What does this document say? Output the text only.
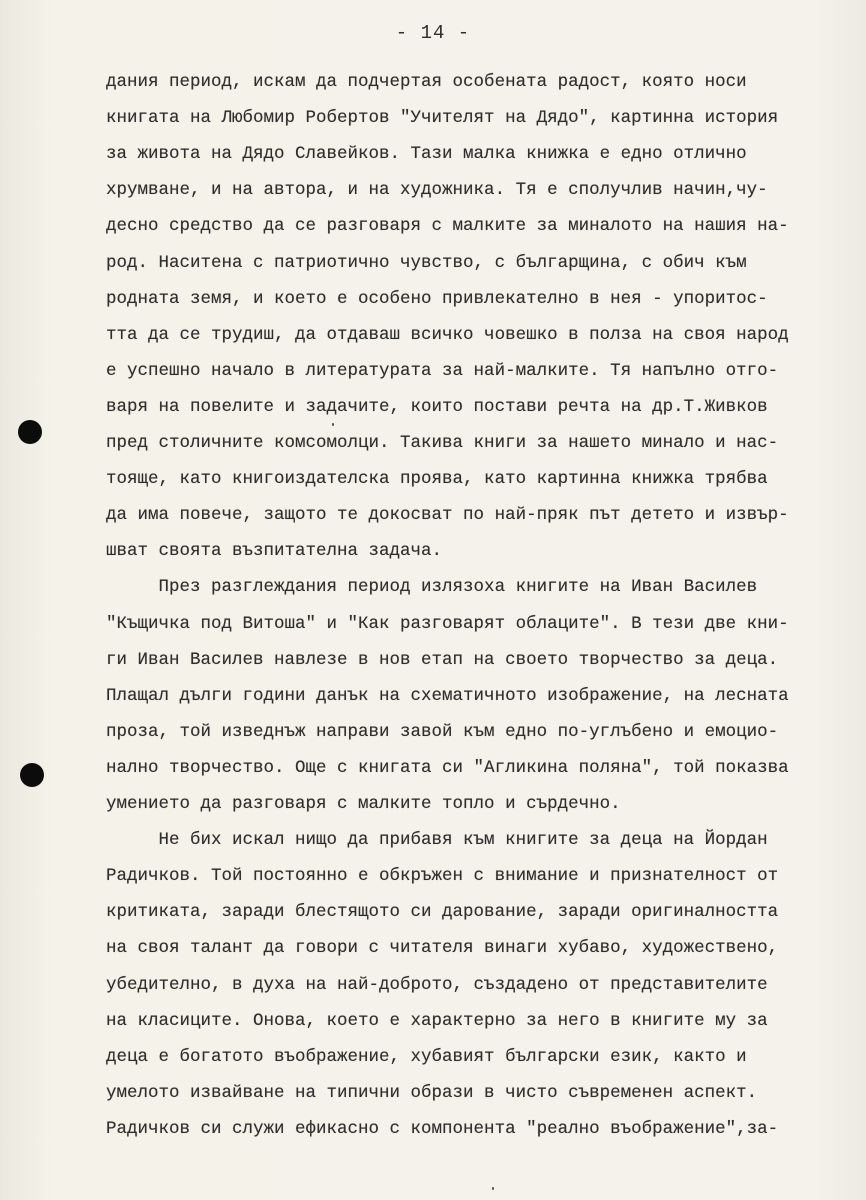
- 14 -
дания период, искам да подчертая особената радост, която носи
книгата на Любомир Робертов "Учителят на Дядо", картинна история
за живота на Дядо Славейков. Тази малка книжка е едно отлично
хрумване, и на автора, и на художника. Тя е сполучлив начин,чу-
десно средство да се разговаря с малките за миналото на нашия на-
род. Наситена с патриотично чувство, с българщина, с обич към
родната земя, и което е особено привлекателно в нея - упоритос-
тта да се трудиш, да отдаваш всичко човешко в полза на своя народ
е успешно начало в литературата за най-малките. Тя напълно отго-
варя на повелите и задачите, които постави речта на др.Т.Живков
пред столичните комсомолци. Такива книги за нашето минало и нас-
тояще, като книгоиздателска проява, като картинна книжка трябва
да има повече, защото те докосват по най-пряк път детето и извър-
шват своята възпитателна задача.
През разглеждания период излязоха книгите на Иван Василев
"Къщичка под Витоша" и "Как разговарят облаците". В тези две кни-
ги Иван Василев навлезе в нов етап на своето творчество за деца.
Плащал дълги години данък на схематичното изображение, на лесната
проза, той изведнъж направи завой към едно по-углъбено и емоцио-
нално творчество. Още с книгата си "Агликина поляна", той показва
умението да разговаря с малките топло и сърдечно.
Не бих искал нищо да прибавя към книгите за деца на Йордан
Радичков. Той постоянно е обкръжен с внимание и признателност от
критиката, заради блестящото си дарование, заради оригиналността
на своя талант да говори с читателя винаги хубаво, художествено,
убедително, в духа на най-доброто, създадено от представителите
на класиците. Онова, което е характерно за него в книгите му за
деца е богатото въображение, хубавият български език, както и
умелото извайване на типични образи в чисто съвременен аспект.
Радичков си служи ефикасно с компонента "реално въображение",за-
